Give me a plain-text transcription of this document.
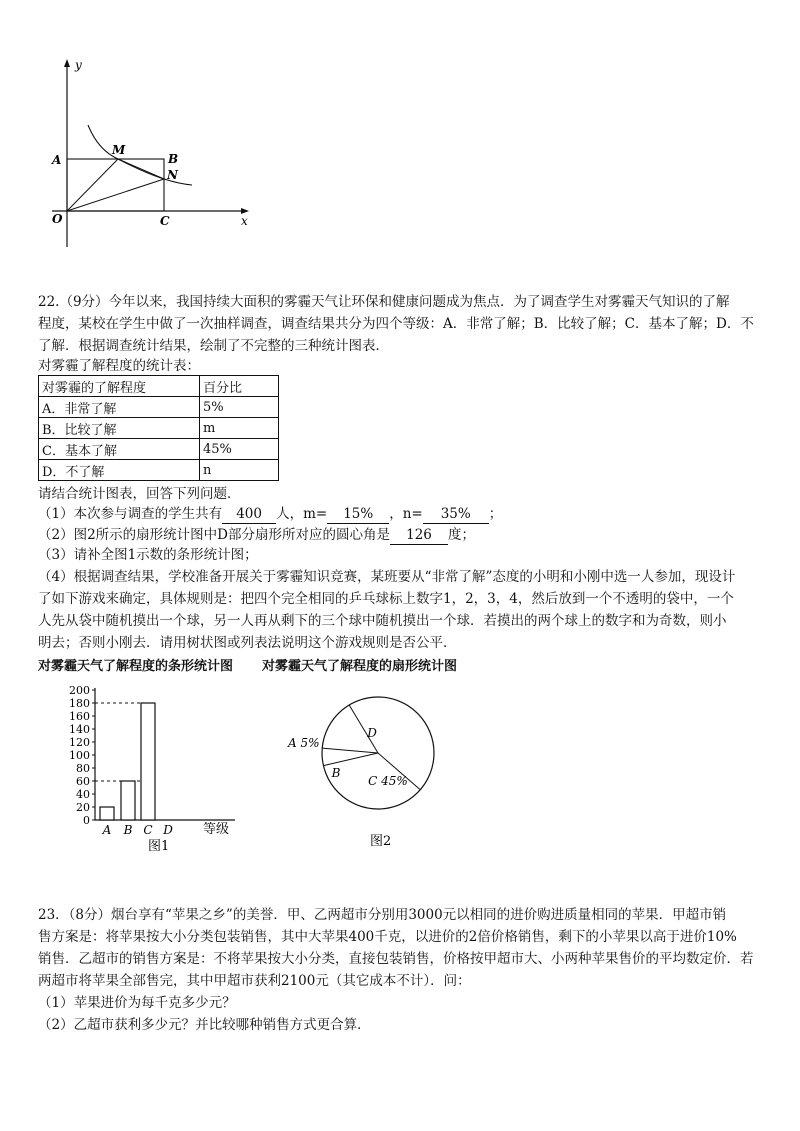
y
x
O
A	B
C
M
N
22.（9分）今年以来，我国持续大面积的雾霾天气让环保和健康问题成为焦点．为了调查学生对雾霾天气知识的了解
程度，某校在学生中做了一次抽样调查，调查结果共分为四个等级：A．非常了解；B．比较了解；C．基本了解；D．不
了解．根据调查统计结果，绘制了不完整的三种统计图表．
对雾霾了解程度的统计表：
对雾霾的了解程度	百分比
A．非常了解	5%
B．比较了解	m
C．基本了解	45%
D．不了解	n
请结合统计图表，回答下列问题．
（1）本次参与调查的学生共有 400 人，m= 15% ，n= 35% ；
（2）图2所示的扇形统计图中D部分扇形所对应的圆心角是 126 度；
（3）请补全图1示数的条形统计图；
（4）根据调查结果，学校准备开展关于雾霾知识竞赛，某班要从“非常了解”态度的小明和小刚中选一人参加，现设计
了如下游戏来确定，具体规则是：把四个完全相同的乒乓球标上数字1，2，3，4，然后放到一个不透明的袋中，一个
人先从袋中随机摸出一个球，另一人再从剩下的三个球中随机摸出一个球．若摸出的两个球上的数字和为奇数，则小
明去；否则小刚去．请用树状图或列表法说明这个游戏规则是否公平．
对雾霾天气了解程度的条形统计图 对雾霾天气了解程度的扇形统计图
0
20
40
60
80
100
120
140
160
180
200
A B C D 等级
图1
A 5%
B
C 45%
D
图2
23．（8分）烟台享有“苹果之乡”的美誉．甲、乙两超市分别用3000元以相同的进价购进质量相同的苹果．甲超市销
售方案是：将苹果按大小分类包装销售，其中大苹果400千克，以进价的2倍价格销售，剩下的小苹果以高于进价10%
销售．乙超市的销售方案是：不将苹果按大小分类，直接包装销售，价格按甲超市大、小两种苹果售价的平均数定价．若
两超市将苹果全部售完，其中甲超市获利2100元（其它成本不计）．问：
（1）苹果进价为每千克多少元？
（2）乙超市获利多少元？并比较哪种销售方式更合算．
